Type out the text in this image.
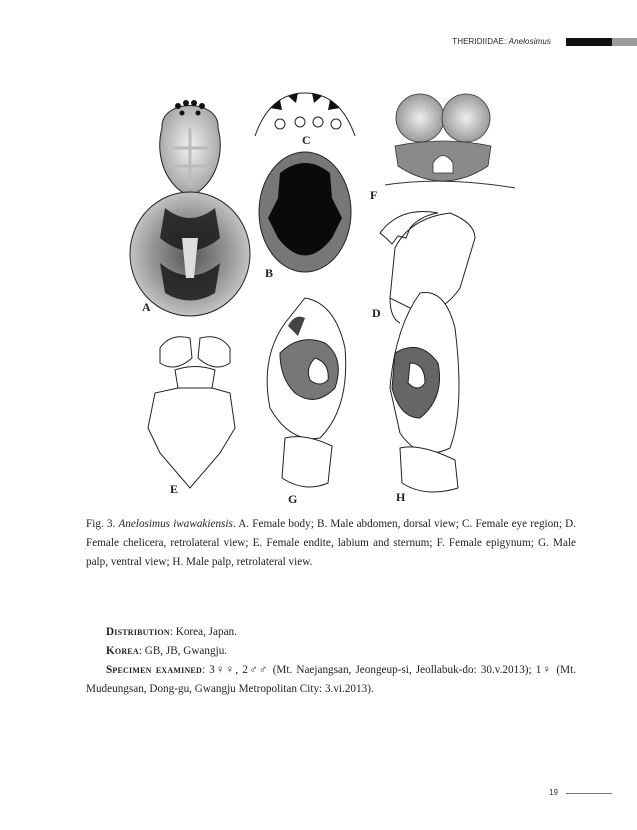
THERIDIIDAE: Anelosimus
A
B
C
D
E
F
G	H
Fig. 3. Anelosimus iwawakiensis. A. Female body; B. Male abdomen, dorsal view; C. Female eye region; D. Female chelicera, retrolateral view; E. Female endite, labium and sternum; F. Female epigynum; G. Male palp, ventral view; H. Male palp, retrolateral view.
Distribution: Korea, Japan.
Korea: GB, JB, Gwangju.
Specimen examined: 3♀♀, 2♂♂ (Mt. Naejangsan, Jeongeup-si, Jeollabuk-do: 30.v.2013); 1♀ (Mt. Mudeungsan, Dong-gu, Gwangju Metropolitan City: 3.vi.2013).
19
